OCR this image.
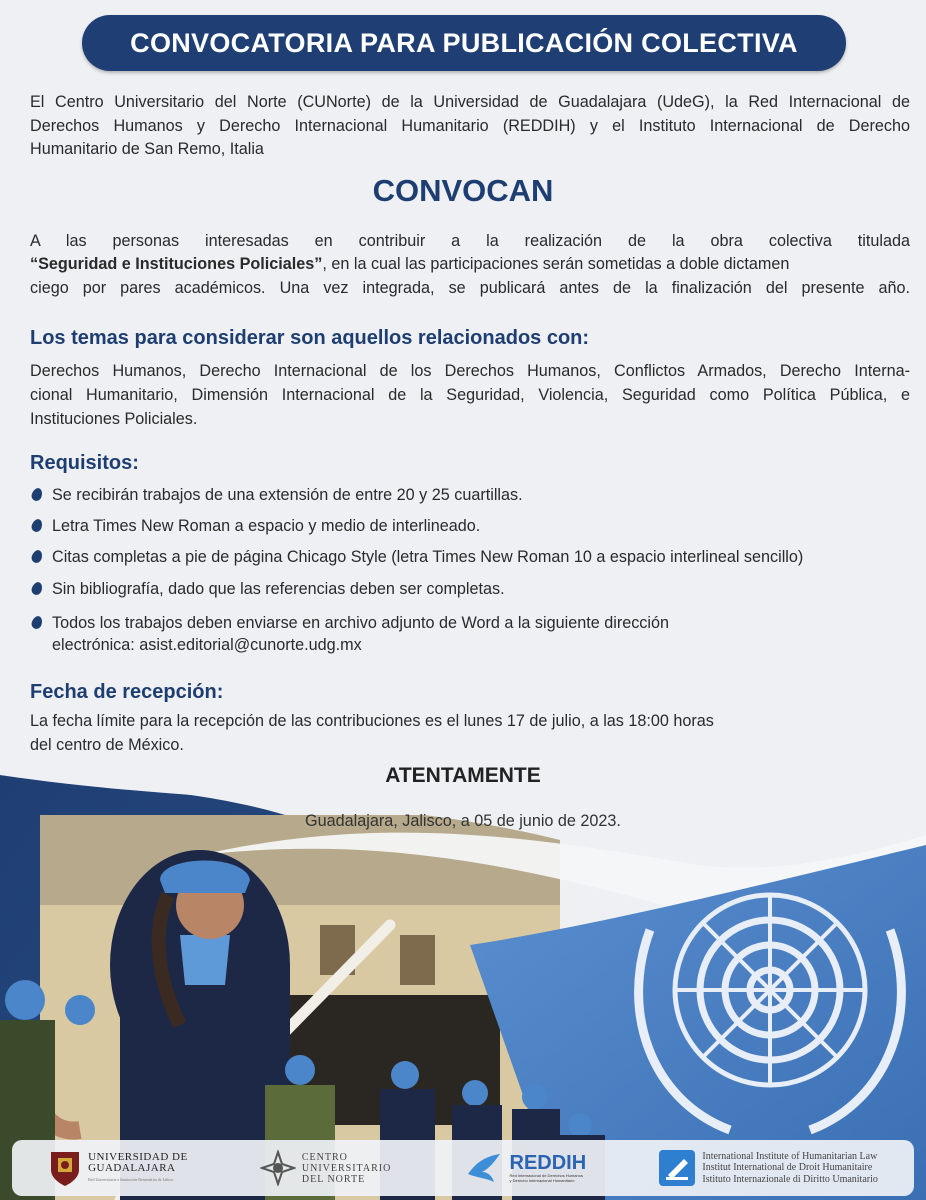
CONVOCATORIA PARA PUBLICACIÓN COLECTIVA
El Centro Universitario del Norte (CUNorte) de la Universidad de Guadalajara (UdeG), la Red Internacional de
Derechos Humanos y Derecho Internacional Humanitario (REDDIH) y el Instituto Internacional de Derecho
Humanitario de San Remo, Italia
CONVOCAN
A las personas interesadas en contribuir a la realización de la obra colectiva titulada
“Seguridad e Instituciones Policiales”, en la cual las participaciones serán sometidas a doble dictamen
ciego por pares académicos. Una vez integrada, se publicará antes de la finalización del presente año.
Los temas para considerar son aquellos relacionados con:
Derechos Humanos, Derecho Internacional de los Derechos Humanos, Conflictos Armados, Derecho Interna-
cional Humanitario, Dimensión Internacional de la Seguridad, Violencia, Seguridad como Política Pública, e
Instituciones Policiales.
Requisitos:
Se recibirán trabajos de una extensión de entre 20 y 25 cuartillas.
Letra Times New Roman a espacio y medio de interlineado.
Citas completas a pie de página Chicago Style (letra Times New Roman 10 a espacio interlineal sencillo)
Sin bibliografía, dado que las referencias deben ser completas.
Todos los trabajos deben enviarse en archivo adjunto de Word a la siguiente dirección
electrónica: asist.editorial@cunorte.udg.mx
Fecha de recepción:
La fecha límite para la recepción de las contribuciones es el lunes 17 de julio, a las 18:00 horas
del centro de México.
ATENTAMENTE
Guadalajara, Jalisco, a 05 de junio de 2023.
UNIVERSIDAD DE
GUADALAJARA
Red Universitaria e Institución Benemérita de Jalisco
CENTRO
UNIVERSITARIO
DEL NORTE
REDDIH
Red Internacional de Derechos Humanos
y Derecho Internacional Humanitario
International Institute of Humanitarian Law
Institut International de Droit Humanitaire
Istituto Internazionale di Diritto Umanitario
